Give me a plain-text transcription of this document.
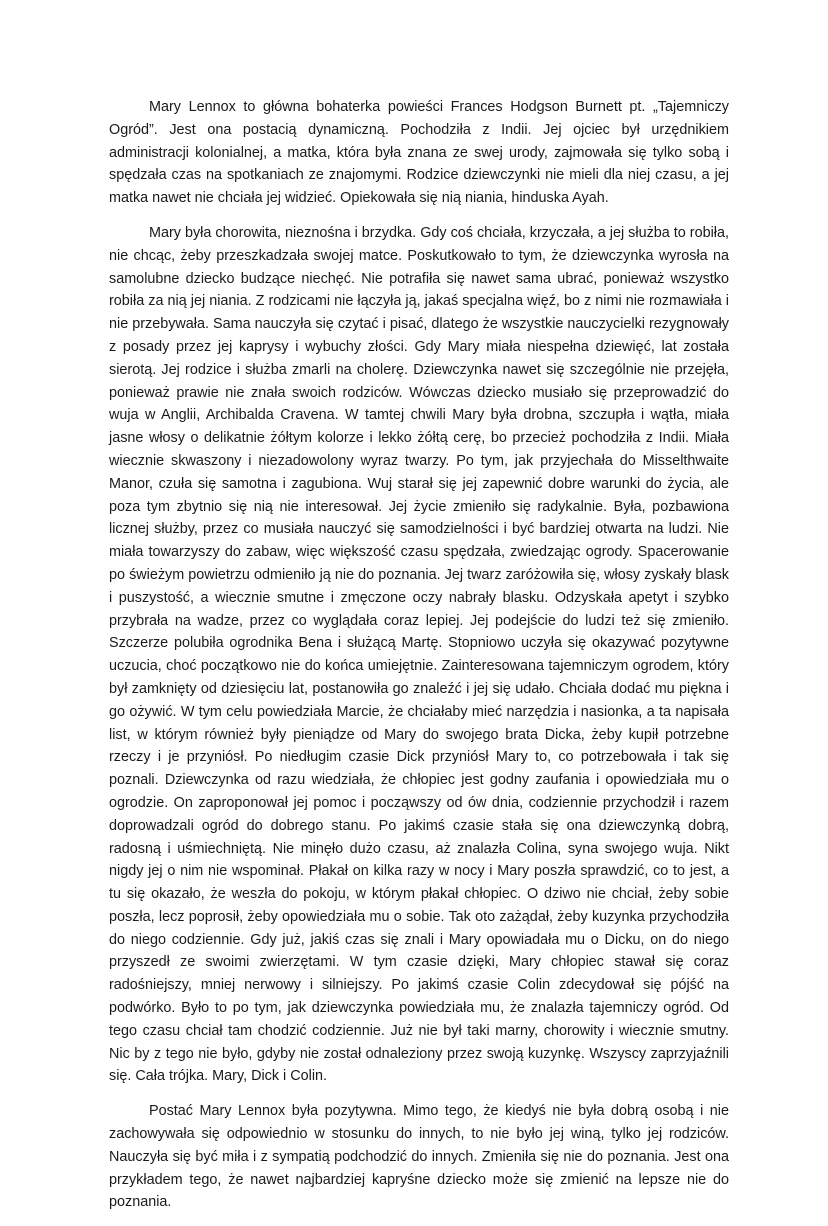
Mary Lennox to główna bohaterka powieści Frances Hodgson Burnett pt. „Tajemniczy Ogród”. Jest ona postacią dynamiczną. Pochodziła z Indii. Jej ojciec był urzędnikiem administracji kolonialnej, a matka, która była znana ze swej urody, zajmowała się tylko sobą i spędzała czas na spotkaniach ze znajomymi. Rodzice dziewczynki nie mieli dla niej czasu, a jej matka nawet nie chciała jej widzieć. Opiekowała się nią niania, hinduska Ayah.

Mary była chorowita, nieznośna i brzydka. Gdy coś chciała, krzyczała, a jej służba to robiła, nie chcąc, żeby przeszkadzała swojej matce. Poskutkowało to tym, że dziewczynka wyrosła na samolubne dziecko budzące niechęć. Nie potrafiła się nawet sama ubrać, ponieważ wszystko robiła za nią jej niania. Z rodzicami nie łączyła ją, jakaś specjalna więź, bo z nimi nie rozmawiała i nie przebywała. Sama nauczyła się czytać i pisać, dlatego że wszystkie nauczycielki rezygnowały z posady przez jej kaprysy i wybuchy złości. Gdy Mary miała niespełna dziewięć, lat została sierotą. Jej rodzice i służba zmarli na cholerę. Dziewczynka nawet się szczególnie nie przejęła, ponieważ prawie nie znała swoich rodziców. Wówczas dziecko musiało się przeprowadzić do wuja w Anglii, Archibalda Cravena. W tamtej chwili Mary była drobna, szczupła i wątła, miała jasne włosy o delikatnie żółtym kolorze i lekko żółtą cerę, bo przecież pochodziła z Indii. Miała wiecznie skwaszony i niezadowolony wyraz twarzy. Po tym, jak przyjechała do Misselthwaite Manor, czuła się samotna i zagubiona. Wuj starał się jej zapewnić dobre warunki do życia, ale poza tym zbytnio się nią nie interesował. Jej życie zmieniło się radykalnie. Była, pozbawiona licznej służby, przez co musiała nauczyć się samodzielności i być bardziej otwarta na ludzi. Nie miała towarzyszy do zabaw, więc większość czasu spędzała, zwiedzając ogrody. Spacerowanie po świeżym powietrzu odmieniło ją nie do poznania. Jej twarz zaróżowiła się, włosy zyskały blask i puszystość, a wiecznie smutne i zmęczone oczy nabrały blasku. Odzyskała apetyt i szybko przybrała na wadze, przez co wyglądała coraz lepiej. Jej podejście do ludzi też się zmieniło. Szczerze polubiła ogrodnika Bena i służącą Martę. Stopniowo uczyła się okazywać pozytywne uczucia, choć początkowo nie do końca umiejętnie. Zainteresowana tajemniczym ogrodem, który był zamknięty od dziesięciu lat, postanowiła go znaleźć i jej się udało. Chciała dodać mu piękna i go ożywić. W tym celu powiedziała Marcie, że chciałaby mieć narzędzia i nasionka, a ta napisała list, w którym również były pieniądze od Mary do swojego brata Dicka, żeby kupił potrzebne rzeczy i je przyniósł. Po niedługim czasie Dick przyniósł Mary to, co potrzebowała i tak się poznali. Dziewczynka od razu wiedziała, że chłopiec jest godny zaufania i opowiedziała mu o ogrodzie. On zaproponował jej pomoc i począwszy od ów dnia, codziennie przychodził i razem doprowadzali ogród do dobrego stanu. Po jakimś czasie stała się ona dziewczynką dobrą, radosną i uśmiechniętą. Nie minęło dużo czasu, aż znalazła Colina, syna swojego wuja. Nikt nigdy jej o nim nie wspominał. Płakał on kilka razy w nocy i Mary poszła sprawdzić, co to jest, a tu się okazało, że weszła do pokoju, w którym płakał chłopiec. O dziwo nie chciał, żeby sobie poszła, lecz poprosił, żeby opowiedziała mu o sobie. Tak oto zażądał, żeby kuzynka przychodziła do niego codziennie. Gdy już, jakiś czas się znali i Mary opowiadała mu o Dicku, on do niego przyszedł ze swoimi zwierzętami. W tym czasie dzięki, Mary chłopiec stawał się coraz radośniejszy, mniej nerwowy i silniejszy. Po jakimś czasie Colin zdecydował się pójść na podwórko. Było to po tym, jak dziewczynka powiedziała mu, że znalazła tajemniczy ogród. Od tego czasu chciał tam chodzić codziennie. Już nie był taki marny, chorowity i wiecznie smutny. Nic by z tego nie było, gdyby nie został odnaleziony przez swoją kuzynkę. Wszyscy zaprzyjaźnili się. Cała trójka. Mary, Dick i Colin.

Postać Mary Lennox była pozytywna. Mimo tego, że kiedyś nie była dobrą osobą i nie zachowywała się odpowiednio w stosunku do innych, to nie było jej winą, tylko jej rodziców. Nauczyła się być miła i z sympatią podchodzić do innych. Zmieniła się nie do poznania. Jest ona przykładem tego, że nawet najbardziej kapryśne dziecko może się zmienić na lepsze nie do poznania.
